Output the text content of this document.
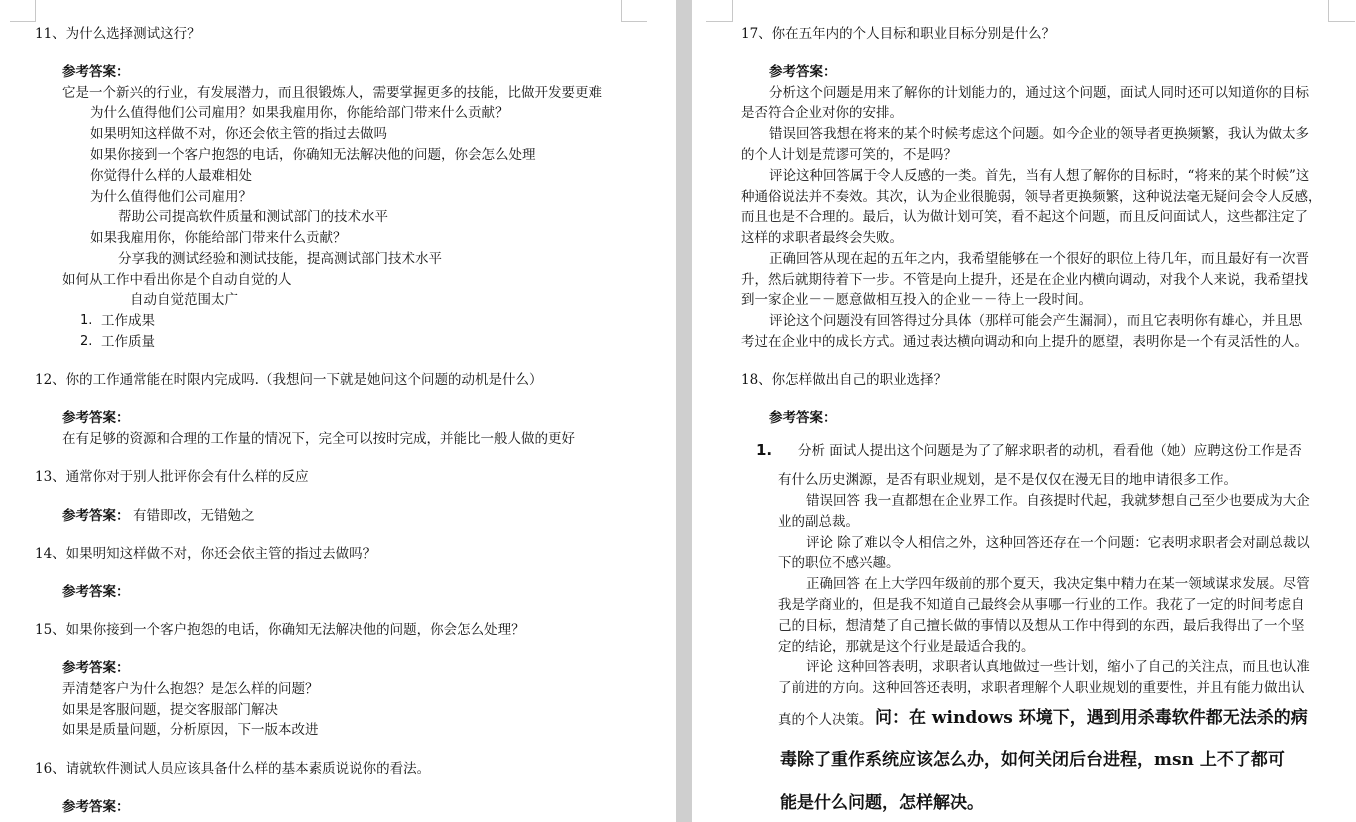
11、为什么选择测试这行？
参考答案：
它是一个新兴的行业，有发展潜力，而且很锻炼人，需要掌握更多的技能，比做开发要更难
为什么值得他们公司雇用？如果我雇用你，你能给部门带来什么贡献？
如果明知这样做不对，你还会依主管的指过去做吗
如果你接到一个客户抱怨的电话，你确知无法解决他的问题，你会怎么处理
你觉得什么样的人最难相处
为什么值得他们公司雇用？
帮助公司提高软件质量和测试部门的技术水平
如果我雇用你，你能给部门带来什么贡献？
分享我的测试经验和测试技能，提高测试部门技术水平
如何从工作中看出你是个自动自觉的人
自动自觉范围太广
1. 工作成果
2. 工作质量
12、你的工作通常能在时限内完成吗.（我想问一下就是她问这个问题的动机是什么）
参考答案：
在有足够的资源和合理的工作量的情况下，完全可以按时完成，并能比一般人做的更好
13、通常你对于别人批评你会有什么样的反应
参考答案： 有错即改，无错勉之
14、如果明知这样做不对，你还会依主管的指过去做吗？
参考答案：
15、如果你接到一个客户抱怨的电话，你确知无法解决他的问题，你会怎么处理？
参考答案：
弄清楚客户为什么抱怨？是怎么样的问题？
如果是客服问题，提交客服部门解决
如果是质量问题，分析原因，下一版本改进
16、请就软件测试人员应该具备什么样的基本素质说说你的看法。
参考答案：
17、你在五年内的个人目标和职业目标分别是什么？
参考答案：
分析这个问题是用来了解你的计划能力的，通过这个问题，面试人同时还可以知道你的目标
是否符合企业对你的安排。
错误回答我想在将来的某个时候考虑这个问题。如今企业的领导者更换频繁，我认为做太多
的个人计划是荒谬可笑的，不是吗？
评论这种回答属于令人反感的一类。首先，当有人想了解你的目标时，“将来的某个时候”这
种通俗说法并不奏效。其次，认为企业很脆弱，领导者更换频繁，这种说法毫无疑问会令人反感，
而且也是不合理的。最后，认为做计划可笑，看不起这个问题，而且反问面试人，这些都注定了
这样的求职者最终会失败。
正确回答从现在起的五年之内，我希望能够在一个很好的职位上待几年，而且最好有一次晋
升，然后就期待着下一步。不管是向上提升，还是在企业内横向调动，对我个人来说，我希望找
到一家企业－－愿意做相互投入的企业－－待上一段时间。
评论这个问题没有回答得过分具体（那样可能会产生漏洞），而且它表明你有雄心，并且思
考过在企业中的成长方式。通过表达横向调动和向上提升的愿望，表明你是一个有灵活性的人。
18、你怎样做出自己的职业选择？
参考答案：
1. 分析 面试人提出这个问题是为了了解求职者的动机，看看他（她）应聘这份工作是否
有什么历史渊源，是否有职业规划，是不是仅仅在漫无目的地申请很多工作。
错误回答 我一直都想在企业界工作。自孩提时代起，我就梦想自己至少也要成为大企
业的副总裁。
评论 除了难以令人相信之外，这种回答还存在一个问题：它表明求职者会对副总裁以
下的职位不感兴趣。
正确回答 在上大学四年级前的那个夏天，我决定集中精力在某一领域谋求发展。尽管
我是学商业的，但是我不知道自己最终会从事哪一行业的工作。我花了一定的时间考虑自
己的目标，想清楚了自己擅长做的事情以及想从工作中得到的东西，最后我得出了一个坚
定的结论，那就是这个行业是最适合我的。
评论 这种回答表明，求职者认真地做过一些计划，缩小了自己的关注点，而且也认准
了前进的方向。这种回答还表明，求职者理解个人职业规划的重要性，并且有能力做出认
真的个人决策。 问：在 windows 环境下，遇到用杀毒软件都无法杀的病
毒除了重作系统应该怎么办，如何关闭后台进程，msn 上不了都可
能是什么问题，怎样解决。
